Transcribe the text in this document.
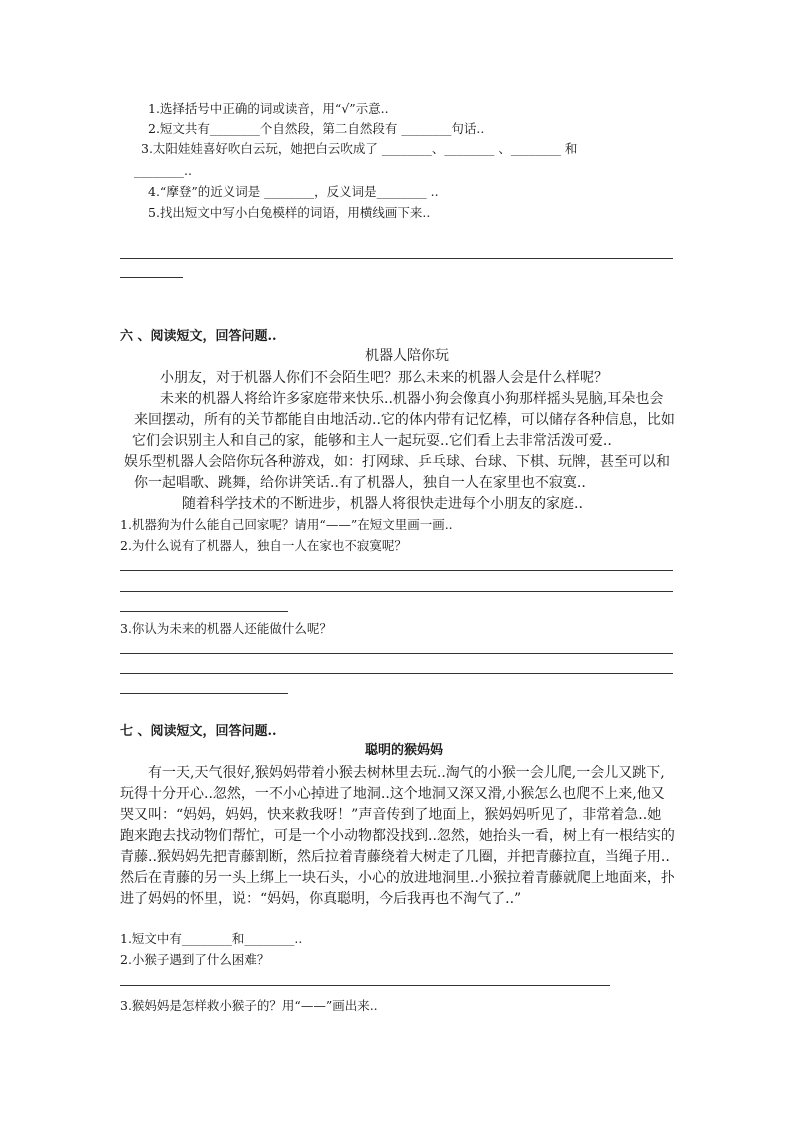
1.选择括号中正确的词或读音，用“√”示意..
2.短文共有________个自然段，第二自然段有 ________句话..
3.太阳娃娃喜好吹白云玩，她把白云吹成了 ________、________ 、________ 和
________..
4.“摩登”的近义词是 ________，反义词是________ ..
5.找出短文中写小白兔模样的词语，用横线画下来..
六 、阅读短文，回答问题..
机器人陪你玩
小朋友，对于机器人你们不会陌生吧？那么未来的机器人会是什么样呢？
未来的机器人将给许多家庭带来快乐..机器小狗会像真小狗那样摇头晃脑,耳朵也会
来回摆动，所有的关节都能自由地活动..它的体内带有记忆棒，可以储存各种信息，比如
它们会识别主人和自己的家，能够和主人一起玩耍..它们看上去非常活泼可爱..
娱乐型机器人会陪你玩各种游戏，如：打网球、乒乓球、台球、下棋、玩牌，甚至可以和
你一起唱歌、跳舞，给你讲笑话..有了机器人，独自一人在家里也不寂寞..
随着科学技术的不断进步，机器人将很快走进每个小朋友的家庭..
1.机器狗为什么能自己回家呢？请用“——”在短文里画一画..
2.为什么说有了机器人，独自一人在家也不寂寞呢？
3.你认为未来的机器人还能做什么呢？
七 、阅读短文，回答问题..
聪明的猴妈妈
有一天,天气很好,猴妈妈带着小猴去树林里去玩..淘气的小猴一会儿爬,一会儿又跳下,
玩得十分开心..忽然，一不小心掉进了地洞..这个地洞又深又滑,小猴怎么也爬不上来,他又
哭又叫：“妈妈，妈妈，快来救我呀！”声音传到了地面上，猴妈妈听见了，非常着急..她
跑来跑去找动物们帮忙，可是一个小动物都没找到..忽然，她抬头一看，树上有一根结实的
青藤..猴妈妈先把青藤割断，然后拉着青藤绕着大树走了几圈，并把青藤拉直，当绳子用..
然后在青藤的另一头上绑上一块石头，小心的放进地洞里..小猴拉着青藤就爬上地面来，扑
进了妈妈的怀里，说：“妈妈，你真聪明，今后我再也不淘气了..”
1.短文中有________和________..
2.小猴子遇到了什么困难？
3.猴妈妈是怎样救小猴子的？用“——”画出来..
